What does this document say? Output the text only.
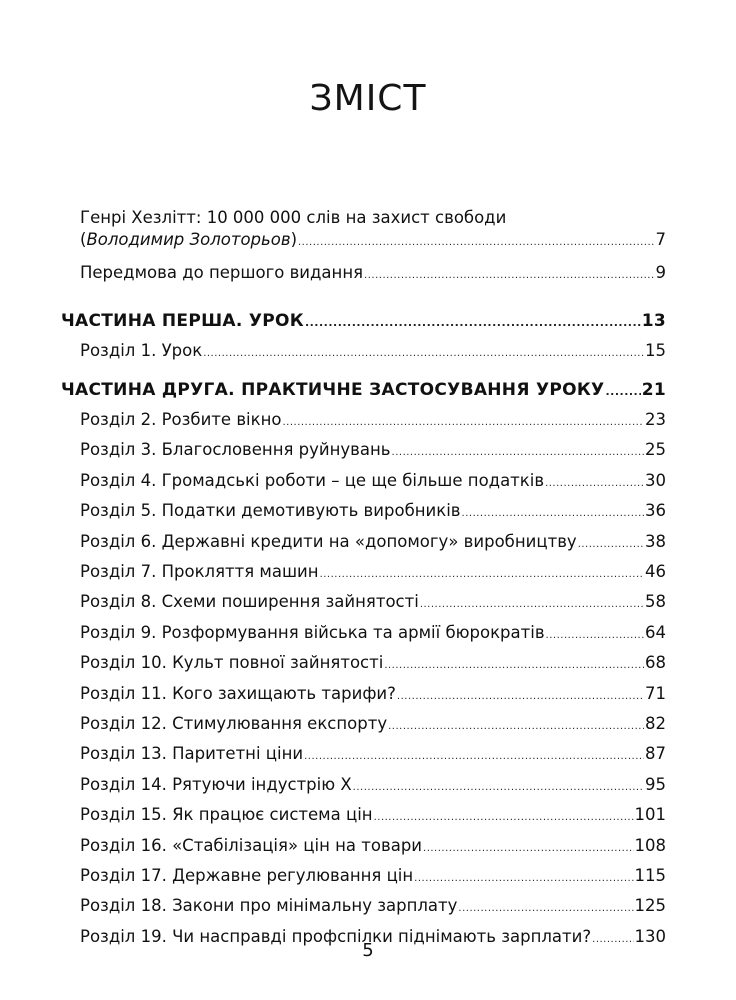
ЗМІСТ
Генрі Хезлітт: 10 000 000 слів на захист свободи
(Володимир Золоторьов) .....	7
Передмова до першого видання .....	9
ЧАСТИНА ПЕРША. УРОК .....	13
Розділ 1. Урок .....	15
ЧАСТИНА ДРУГА. ПРАКТИЧНЕ ЗАСТОСУВАННЯ УРОКУ ..... 21
Розділ 2. Розбите вікно .....	23
Розділ 3. Благословення руйнувань .....	25
Розділ 4. Громадські роботи – це ще більше податків .....	30
Розділ 5. Податки демотивують виробників .....	36
Розділ 6. Державні кредити на «допомогу» виробництву .....	38
Розділ 7. Прокляття машин .....	46
Розділ 8. Схеми поширення зайнятості .....	58
Розділ 9. Розформування війська та армії бюрократів .....	64
Розділ 10. Культ повної зайнятості .....	68
Розділ 11. Кого захищають тарифи? .....	71
Розділ 12. Стимулювання експорту .....	82
Розділ 13. Паритетні ціни .....	87
Розділ 14. Рятуючи індустрію Х .....	95
Розділ 15. Як працює система цін .....	101
Розділ 16. «Стабілізація» цін на товари .....	108
Розділ 17. Державне регулювання цін .....	115
Розділ 18. Закони про мінімальну зарплату .....	125
Розділ 19. Чи насправді профспілки піднімають зарплати? .....	130
5
